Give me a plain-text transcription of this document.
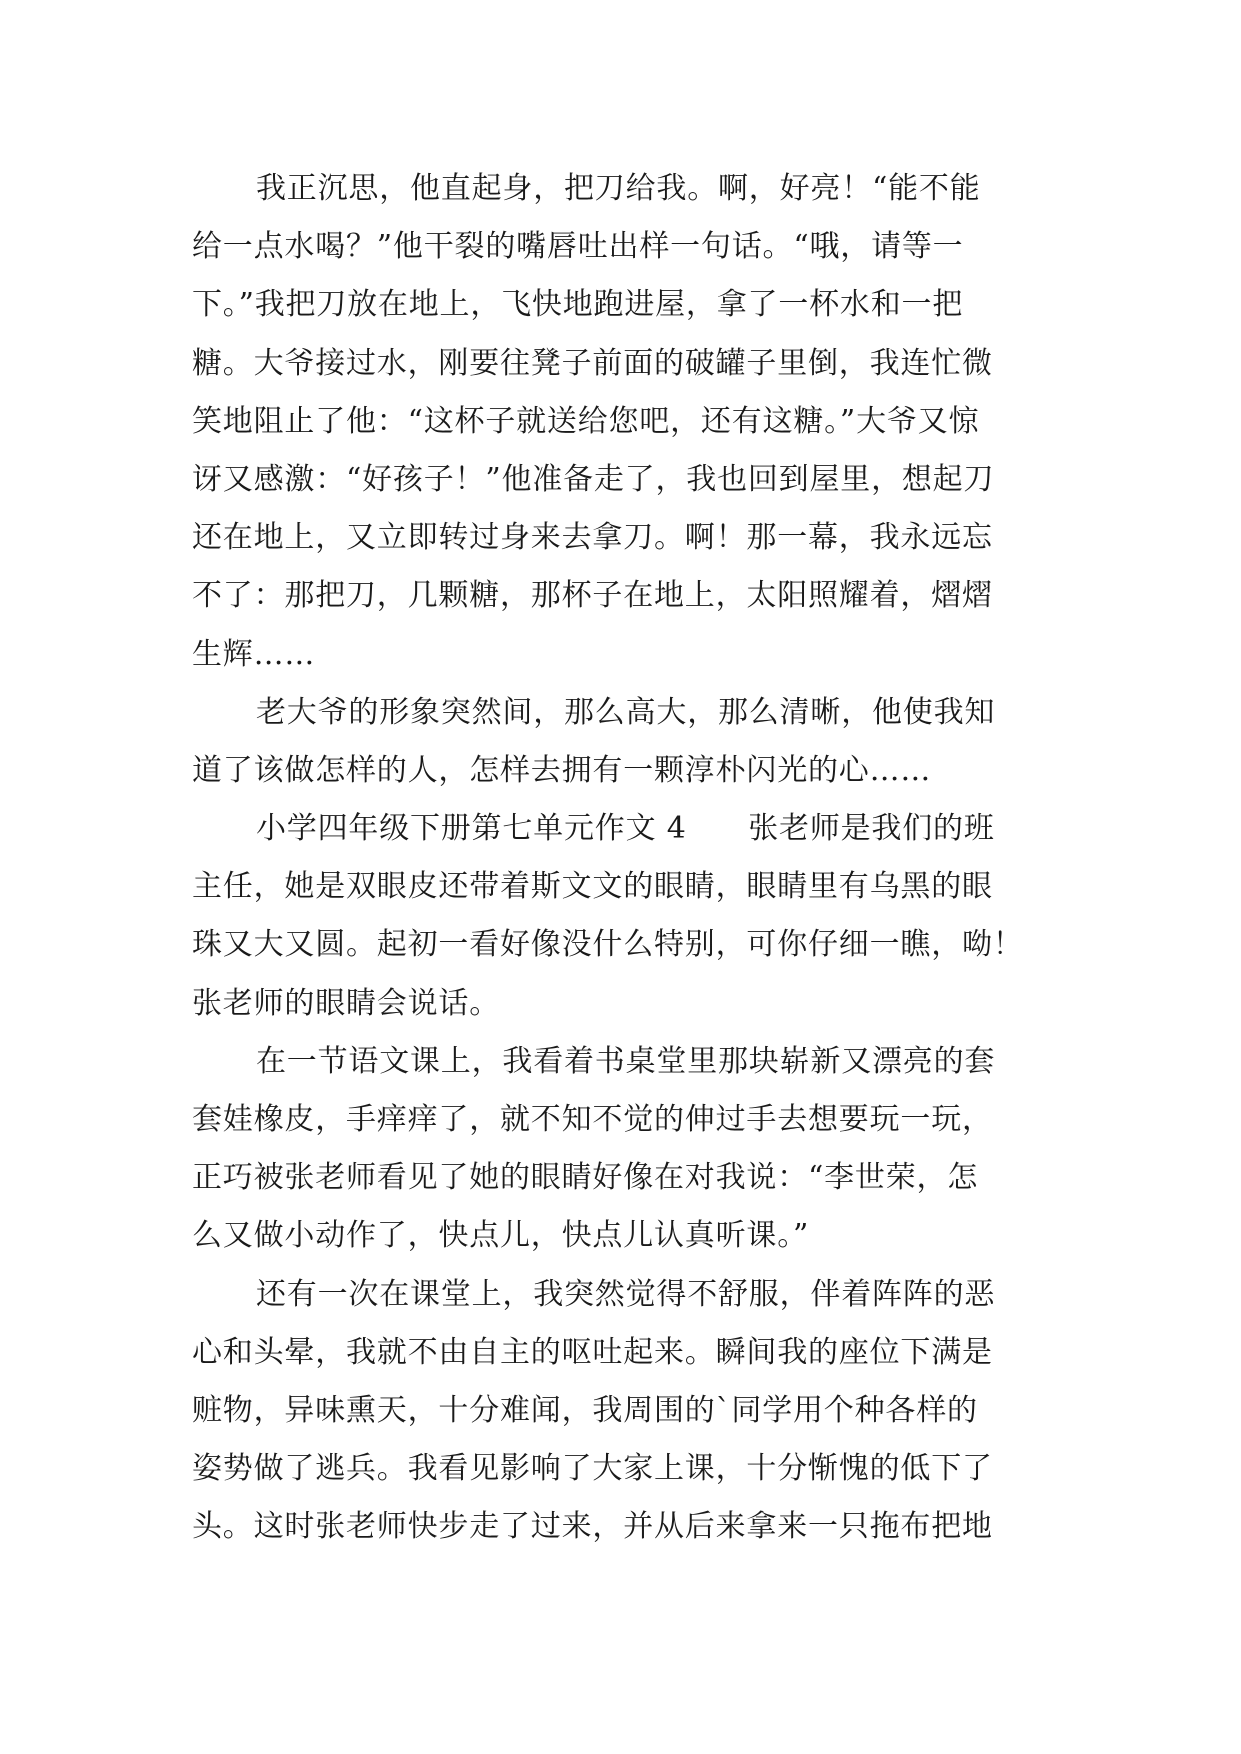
我正沉思，他直起身，把刀给我。啊，好亮！“能不能
给一点水喝？”他干裂的嘴唇吐出样一句话。“哦，请等一
下。”我把刀放在地上，飞快地跑进屋，拿了一杯水和一把
糖。大爷接过水，刚要往凳子前面的破罐子里倒，我连忙微
笑地阻止了他：“这杯子就送给您吧，还有这糖。”大爷又惊
讶又感激：“好孩子！”他准备走了，我也回到屋里，想起刀
还在地上，又立即转过身来去拿刀。啊！那一幕，我永远忘
不了：那把刀，几颗糖，那杯子在地上，太阳照耀着，熠熠
生辉……
老大爷的形象突然间，那么高大，那么清晰，他使我知
道了该做怎样的人，怎样去拥有一颗淳朴闪光的心……
小学四年级下册第七单元作文 4　　张老师是我们的班
主任，她是双眼皮还带着斯文文的眼睛，眼睛里有乌黑的眼
珠又大又圆。起初一看好像没什么特别，可你仔细一瞧，呦！
张老师的眼睛会说话。
在一节语文课上，我看着书桌堂里那块崭新又漂亮的套
套娃橡皮，手痒痒了，就不知不觉的伸过手去想要玩一玩，
正巧被张老师看见了她的眼睛好像在对我说：“李世荣，怎
么又做小动作了，快点儿，快点儿认真听课。”
还有一次在课堂上，我突然觉得不舒服，伴着阵阵的恶
心和头晕，我就不由自主的呕吐起来。瞬间我的座位下满是
赃物，异味熏天，十分难闻，我周围的`同学用个种各样的
姿势做了逃兵。我看见影响了大家上课，十分惭愧的低下了
头。这时张老师快步走了过来，并从后来拿来一只拖布把地
